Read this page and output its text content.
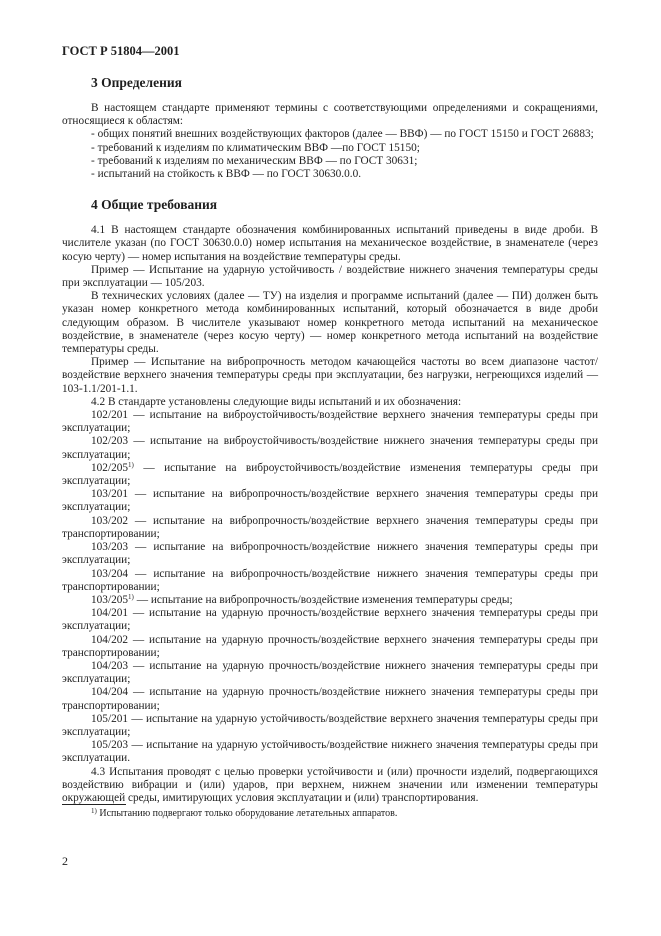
ГОСТ Р 51804—2001
3 Определения

В настоящем стандарте применяют термины с соответствующими определениями и сокращениями, относящиеся к областям:

- общих понятий внешних воздействующих факторов (далее — ВВФ) — по ГОСТ 15150 и ГОСТ 26883;

- требований к изделиям по климатическим ВВФ —по ГОСТ 15150;

- требований к изделиям по механическим ВВФ — по ГОСТ 30631;

- испытаний на стойкость к ВВФ — по ГОСТ 30630.0.0.

4 Общие требования

4.1 В настоящем стандарте обозначения комбинированных испытаний приведены в виде дроби. В числителе указан (по ГОСТ 30630.0.0) номер испытания на механическое воздействие, в знаменателе (через косую черту) — номер испытания на воздействие температуры среды.

Пример — Испытание на ударную устойчивость / воздействие нижнего значения температуры среды при эксплуатации — 105/203.

В технических условиях (далее — ТУ) на изделия и программе испытаний (далее — ПИ) должен быть указан номер конкретного метода комбинированных испытаний, который обозначается в виде дроби следующим образом. В числителе указывают номер конкретного метода испытаний на механическое воздействие, в знаменателе (через косую черту) — номер конкретного метода испытаний на воздействие температуры среды.

Пример — Испытание на вибропрочность методом качающейся частоты во всем диапазоне частот/воздействие верхнего значения температуры среды при эксплуатации, без нагрузки, негреющихся изделий — 103-1.1/201-1.1.

4.2 В стандарте установлены следующие виды испытаний и их обозначения:

102/201 — испытание на виброустойчивость/воздействие верхнего значения температуры среды при эксплуатации;

102/203 — испытание на виброустойчивость/воздействие нижнего значения температуры среды при эксплуатации;

102/205$^{1)}$ — испытание на виброустойчивость/воздействие изменения температуры среды при эксплуатации;

103/201 — испытание на вибропрочность/воздействие верхнего значения температуры среды при эксплуатации;

103/202 — испытание на вибропрочность/воздействие верхнего значения температуры среды при транспортировании;

103/203 — испытание на вибропрочность/воздействие нижнего значения температуры среды при эксплуатации;

103/204 — испытание на вибропрочность/воздействие нижнего значения температуры среды при транспортировании;

103/205$^{1)}$ — испытание на вибропрочность/воздействие изменения температуры среды;

104/201 — испытание на ударную прочность/воздействие верхнего значения температуры среды при эксплуатации;

104/202 — испытание на ударную прочность/воздействие верхнего значения температуры среды при транспортировании;

104/203 — испытание на ударную прочность/воздействие нижнего значения температуры среды при эксплуатации;

104/204 — испытание на ударную прочность/воздействие нижнего значения температуры среды при транспортировании;

105/201 — испытание на ударную устойчивость/воздействие верхнего значения температуры среды при эксплуатации;

105/203 — испытание на ударную устойчивость/воздействие нижнего значения температуры среды при эксплуатации.

4.3 Испытания проводят с целью проверки устойчивости и (или) прочности изделий, подвергающихся воздействию вибрации и (или) ударов, при верхнем, нижнем значении или изменении температуры окружающей среды, имитирующих условия эксплуатации и (или) транспортирования.

$^{1)}$ Испытанию подвергают только оборудование летательных аппаратов.
2
